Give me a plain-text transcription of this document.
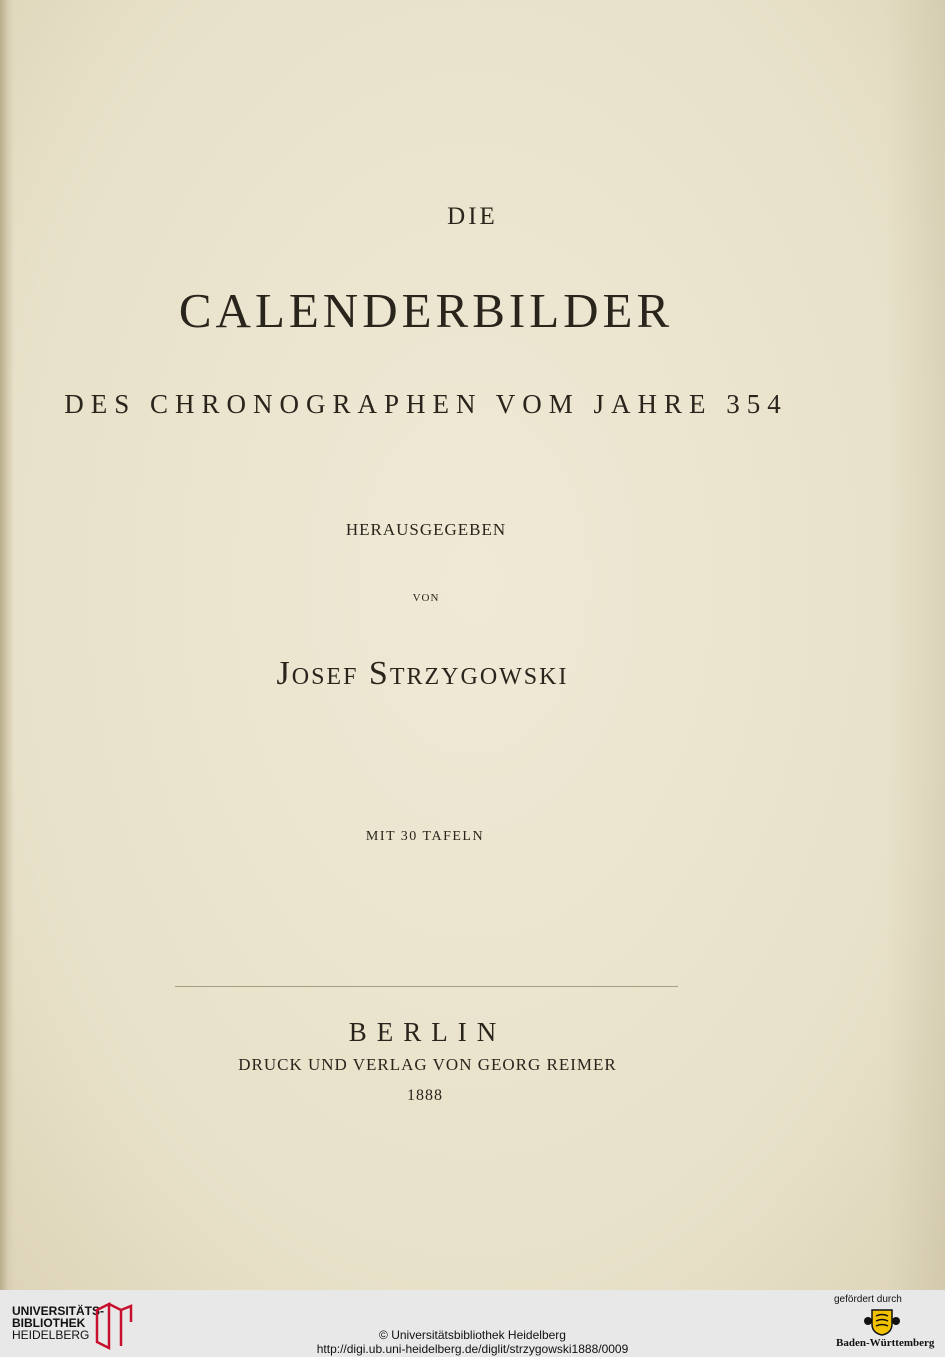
DIE

CALENDERBILDER

DES CHRONOGRAPHEN VOM JAHRE 354

HERAUSGEGEBEN

VON

Josef Strzygowski

MIT 30 TAFELN

BERLIN

DRUCK UND VERLAG VON GEORG REIMER

1888

UNIVERSITÄTS-
BIBLIOTHEK
HEIDELBERG
gefördert durch
Baden-Württemberg
© Universitätsbibliothek Heidelberg
http://digi.ub.uni-heidelberg.de/diglit/strzygowski1888/0009
